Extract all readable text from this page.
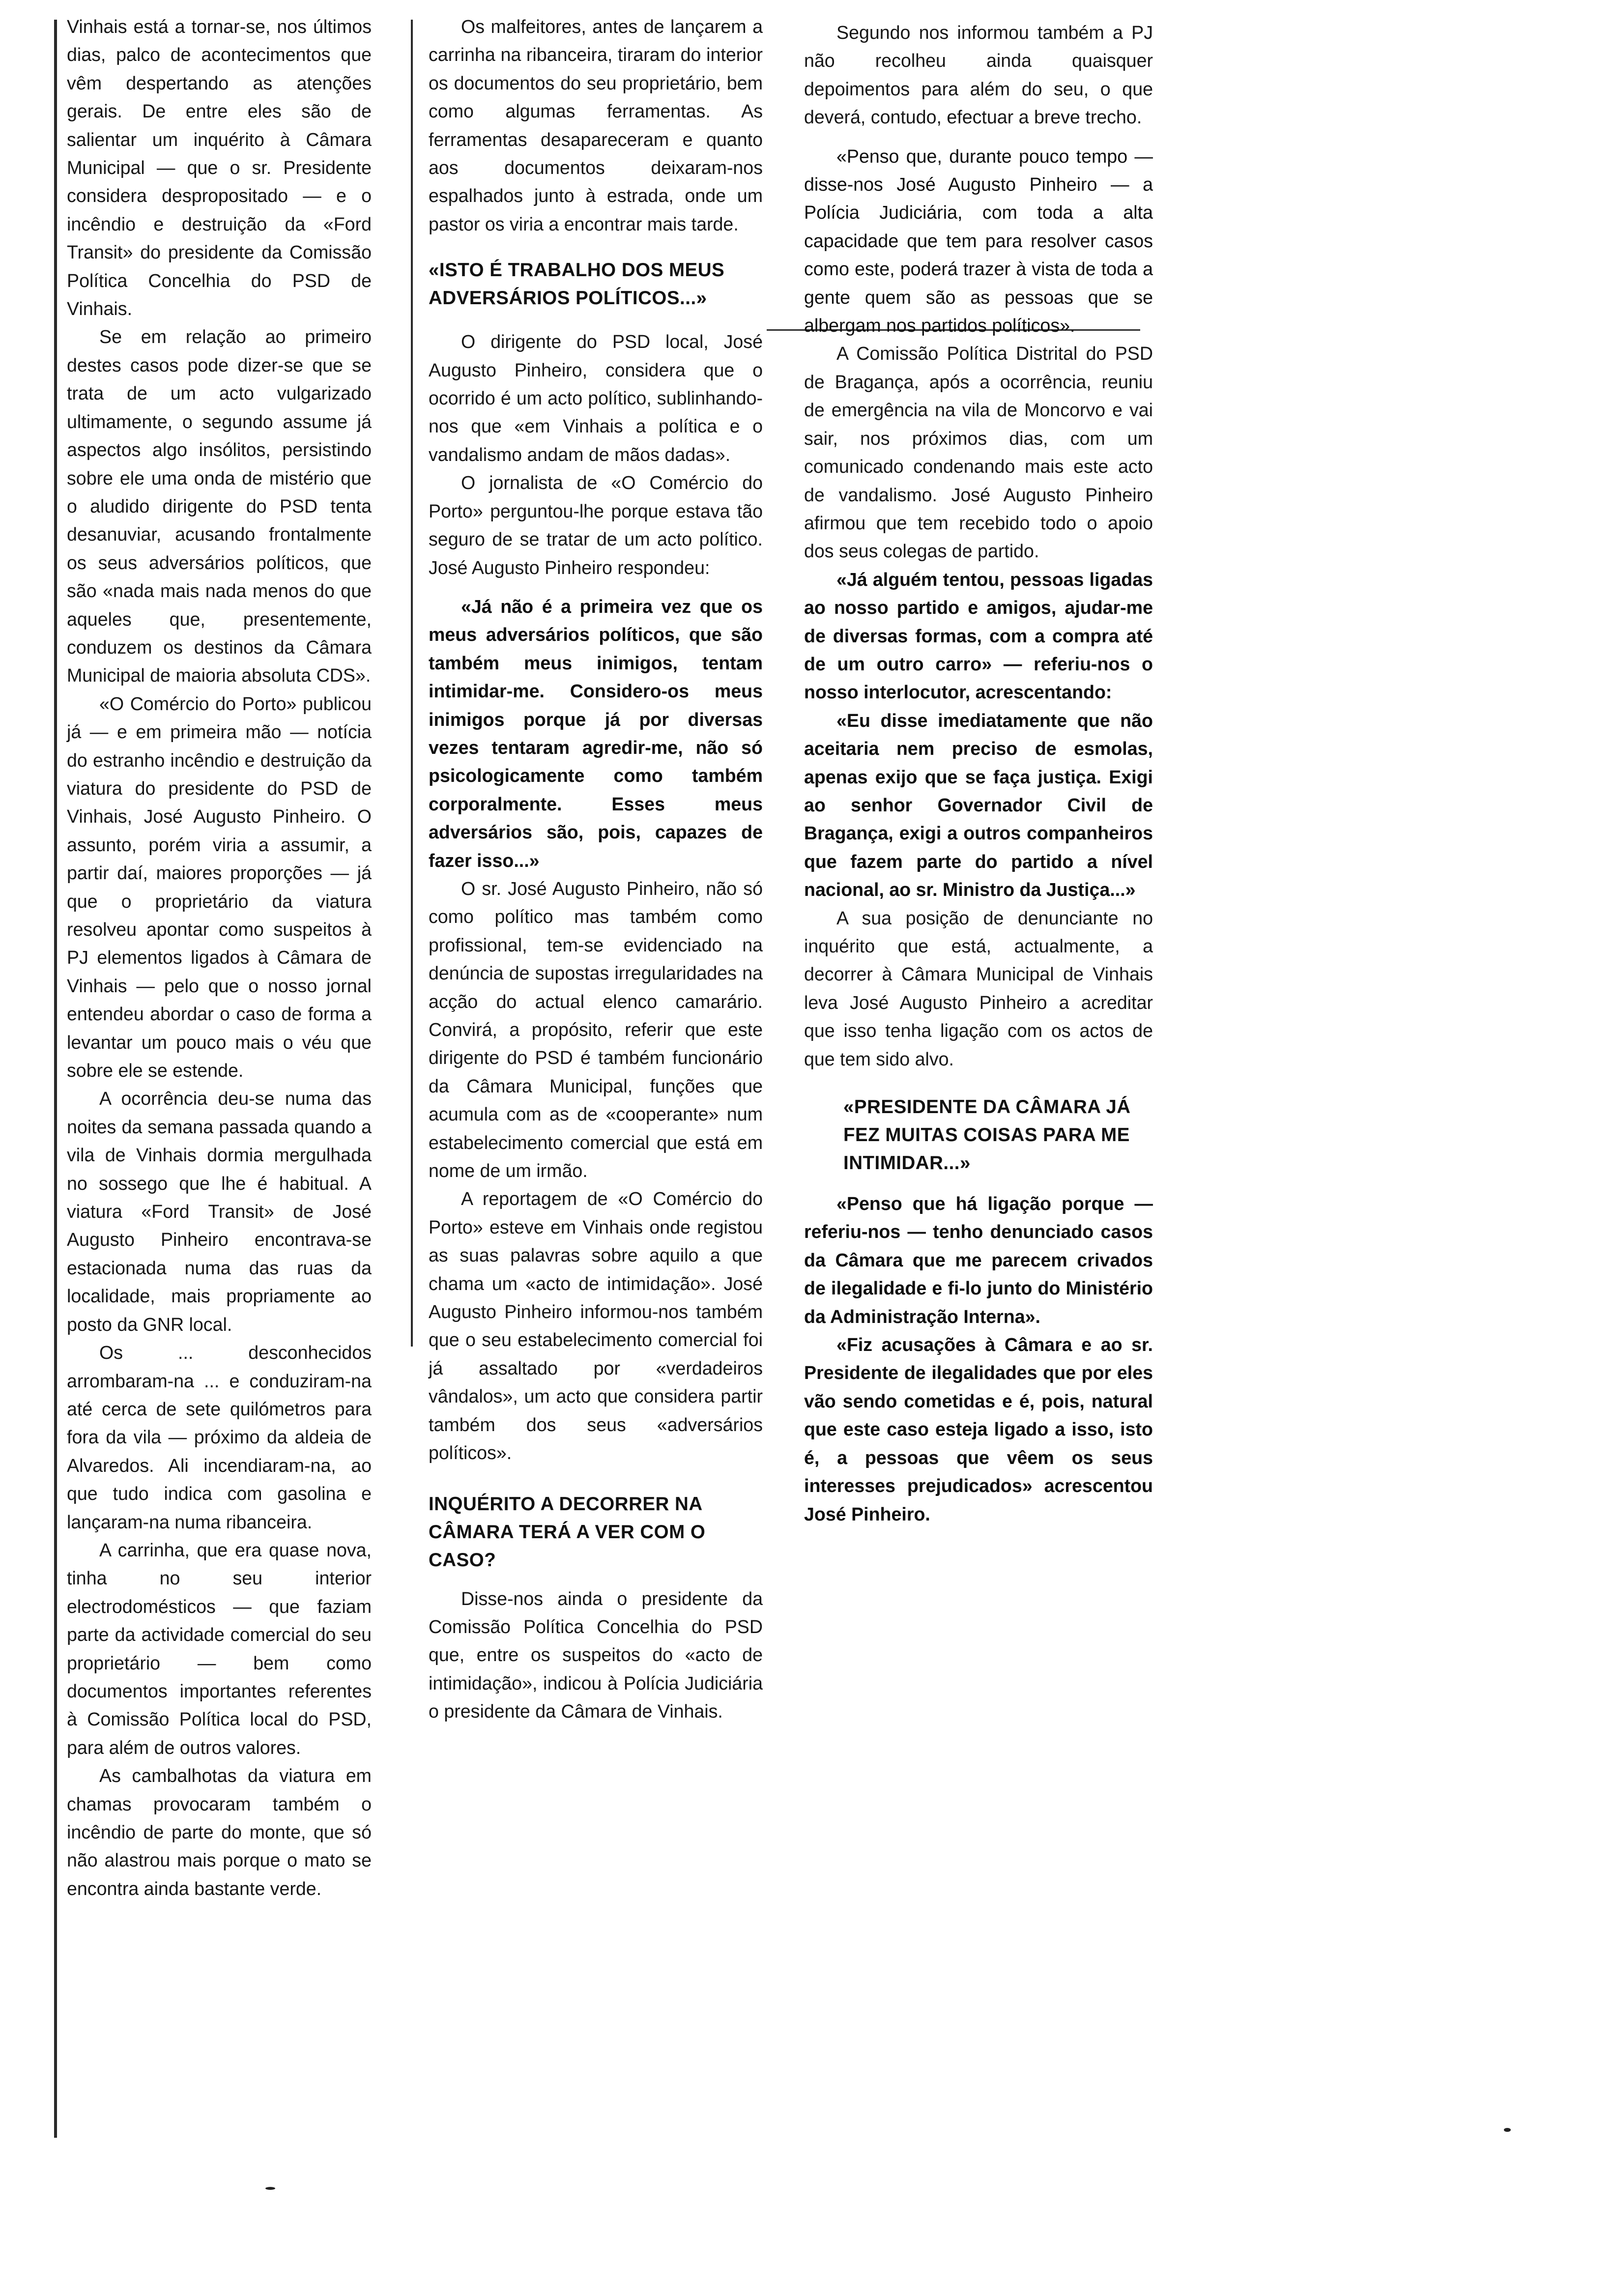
Vinhais está a tornar-se, nos últimos dias, palco de acontecimentos que vêm despertando as atenções gerais. De entre eles são de salientar um inquérito à Câmara Municipal — que o sr. Presidente considera despropositado — e o incêndio e destruição da «Ford Transit» do presidente da Comissão Política Concelhia do PSD de Vinhais.

Se em relação ao primeiro destes casos pode dizer-se que se trata de um acto vulgarizado ultimamente, o segundo assume já aspectos algo insólitos, persistindo sobre ele uma onda de mistério que o aludido dirigente do PSD tenta desanuviar, acusando frontalmente os seus adversários políticos, que são «nada mais nada menos do que aqueles que, presentemente, conduzem os destinos da Câmara Municipal de maioria absoluta CDS».

«O Comércio do Porto» publicou já — e em primeira mão — notícia do estranho incêndio e destruição da viatura do presidente do PSD de Vinhais, José Augusto Pinheiro. O assunto, porém viria a assumir, a partir daí, maiores proporções — já que o proprietário da viatura resolveu apontar como suspeitos à PJ elementos ligados à Câmara de Vinhais — pelo que o nosso jornal entendeu abordar o caso de forma a levantar um pouco mais o véu que sobre ele se estende.

A ocorrência deu-se numa das noites da semana passada quando a vila de Vinhais dormia mergulhada no sossego que lhe é habitual. A viatura «Ford Transit» de José Augusto Pinheiro encontrava-se estacionada numa das ruas da localidade, mais propriamente ao posto da GNR local.

Os ... desconhecidos arrombaram-na ... e conduziram-na até cerca de sete quilómetros para fora da vila — próximo da aldeia de Alvaredos. Ali incendiaram-na, ao que tudo indica com gasolina e lançaram-na numa ribanceira.

A carrinha, que era quase nova, tinha no seu interior electrodomésticos — que faziam parte da actividade comercial do seu proprietário — bem como documentos importantes referentes à Comissão Política local do PSD, para além de outros valores.

As cambalhotas da viatura em chamas provocaram também o incêndio de parte do monte, que só não alastrou mais porque o mato se encontra ainda bastante verde.

Os malfeitores, antes de lançarem a carrinha na ribanceira, tiraram do interior os documentos do seu proprietário, bem como algumas ferramentas. As ferramentas desapareceram e quanto aos documentos deixaram-nos espalhados junto à estrada, onde um pastor os viria a encontrar mais tarde.

«ISTO É TRABALHO DOS MEUS ADVERSÁRIOS POLÍTICOS...»

O dirigente do PSD local, José Augusto Pinheiro, considera que o ocorrido é um acto político, sublinhando-nos que «em Vinhais a política e o vandalismo andam de mãos dadas».

O jornalista de «O Comércio do Porto» perguntou-lhe porque estava tão seguro de se tratar de um acto político. José Augusto Pinheiro respondeu:

«Já não é a primeira vez que os meus adversários políticos, que são também meus inimigos, tentam intimidar-me. Considero-os meus inimigos porque já por diversas vezes tentaram agredir-me, não só psicologicamente como também corporalmente. Esses meus adversários são, pois, capazes de fazer isso...»

O sr. José Augusto Pinheiro, não só como político mas também como profissional, tem-se evidenciado na denúncia de supostas irregularidades na acção do actual elenco camarário. Convirá, a propósito, referir que este dirigente do PSD é também funcionário da Câmara Municipal, funções que acumula com as de «cooperante» num estabelecimento comercial que está em nome de um irmão.

A reportagem de «O Comércio do Porto» esteve em Vinhais onde registou as suas palavras sobre aquilo a que chama um «acto de intimidação». José Augusto Pinheiro informou-nos também que o seu estabelecimento comercial foi já assaltado por «verdadeiros vândalos», um acto que considera partir também dos seus «adversários políticos».

INQUÉRITO A DECORRER NA CÂMARA TERÁ A VER COM O CASO?

Disse-nos ainda o presidente da Comissão Política Concelhia do PSD que, entre os suspeitos do «acto de intimidação», indicou à Polícia Judiciária o presidente da Câmara de Vinhais.

Segundo nos informou também a PJ não recolheu ainda quaisquer depoimentos para além do seu, o que deverá, contudo, efectuar a breve trecho.

«Penso que, durante pouco tempo — disse-nos José Augusto Pinheiro — a Polícia Judiciária, com toda a alta capacidade que tem para resolver casos como este, poderá trazer à vista de toda a gente quem são as pessoas que se albergam nos partidos políticos».

A Comissão Política Distrital do PSD de Bragança, após a ocorrência, reuniu de emergência na vila de Moncorvo e vai sair, nos próximos dias, com um comunicado condenando mais este acto de vandalismo. José Augusto Pinheiro afirmou que tem recebido todo o apoio dos seus colegas de partido.

«Já alguém tentou, pessoas ligadas ao nosso partido e amigos, ajudar-me de diversas formas, com a compra até de um outro carro» — referiu-nos o nosso interlocutor, acrescentando:

«Eu disse imediatamente que não aceitaria nem preciso de esmolas, apenas exijo que se faça justiça. Exigi ao senhor Governador Civil de Bragança, exigi a outros companheiros que fazem parte do partido a nível nacional, ao sr. Ministro da Justiça...»

A sua posição de denunciante no inquérito que está, actualmente, a decorrer à Câmara Municipal de Vinhais leva José Augusto Pinheiro a acreditar que isso tenha ligação com os actos de que tem sido alvo.

«PRESIDENTE DA CÂMARA JÁ FEZ MUITAS COISAS PARA ME INTIMIDAR...»

«Penso que há ligação porque — referiu-nos — tenho denunciado casos da Câmara que me parecem crivados de ilegalidade e fi-lo junto do Ministério da Administração Interna».

«Fiz acusações à Câmara e ao sr. Presidente de ilegalidades que por eles vão sendo cometidas e é, pois, natural que este caso esteja ligado a isso, isto é, a pessoas que vêem os seus interesses prejudicados» acrescentou José Pinheiro.
